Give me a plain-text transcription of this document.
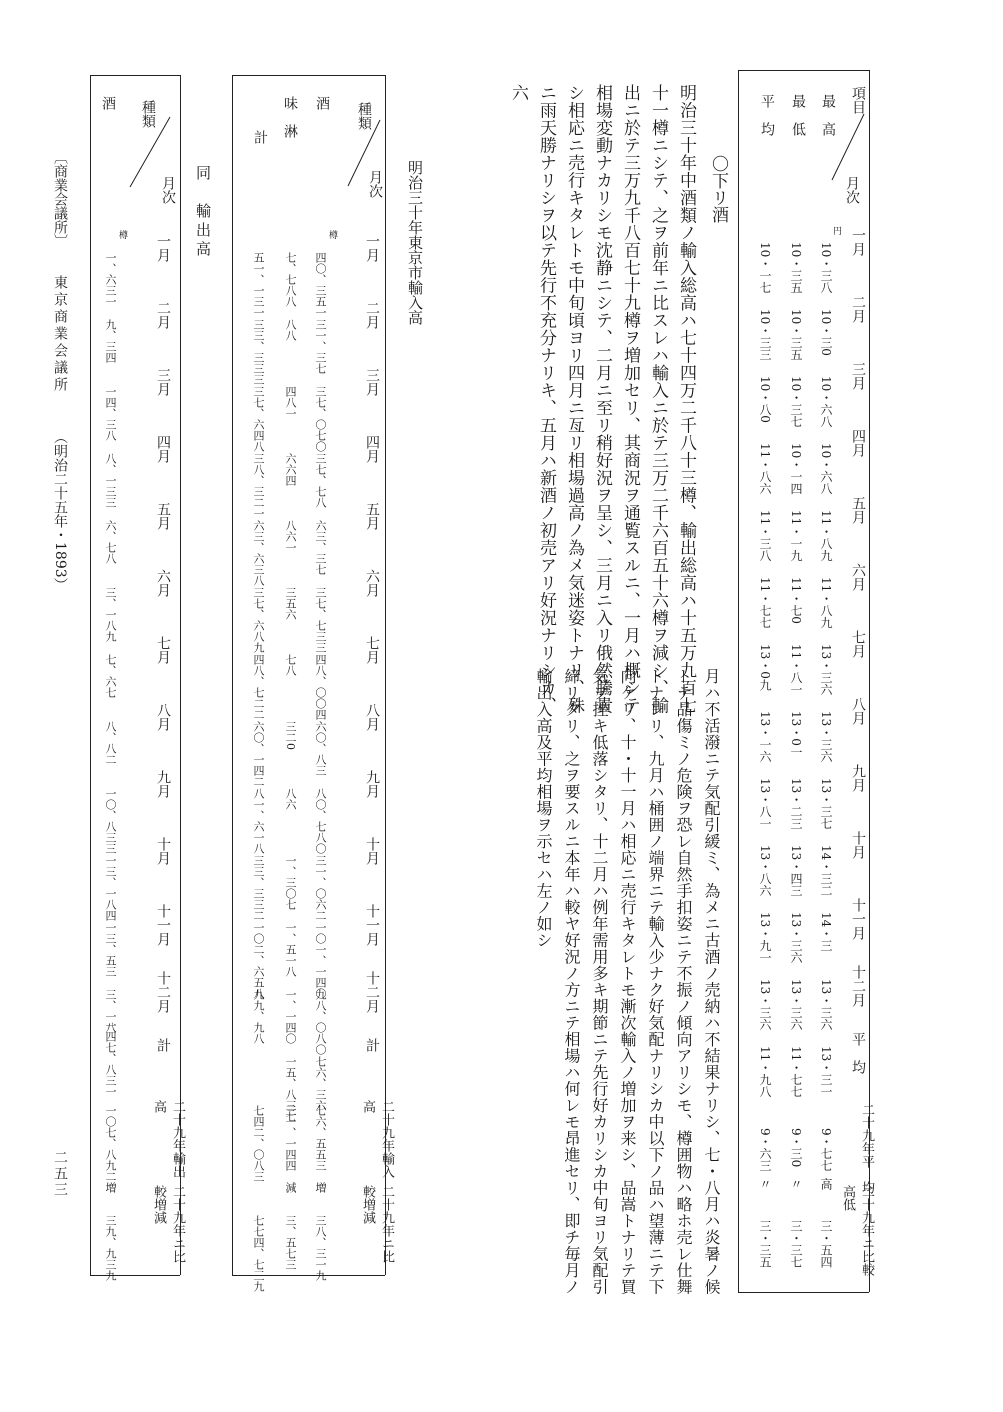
項目
月次
最　高
最　低
平　均
一月
二月
三月
四月
五月
六月
七月
八月
九月
十月
十一月
十二月
平　均
10・三八
10・三0
10・六八
10・六八
11・八九
11・八九
13・三六
13・三六
13・三七
14・三二
14・三
13・三六
13・三一
9・七七
高
三・五四
10・三五
10・三五
10・三七
10・一四
11・一九
11・七0
11・八一
13・0一
13・二三
13・四三
13・三六
13・三六
11・七七
9・三0
〃
三・三七
10・一七
10・三三
10・八0
11・八六
11・三八
11・七七
13・0九
13・一六
13・八一
13・八六
13・九一
13・三六
11・九八
9・六三
〃
三・三五
円
二十九年平　均
二十九年ニ比較高低
〇下リ酒
明治三十年中酒類ノ輸入総高ハ七十四万二千八十三樽、輸出総高ハ十五万九百七十一樽ニシテ、之ヲ前年ニ比スレハ輸入ニ於テ三万二千六百五十六樽ヲ減シ、輸出ニ於テ三万九千八百七十九樽ヲ増加セリ、其商況ヲ通覧スルニ、一月ハ概シテ相場変動ナカリシモ沈静ニシテ、二月ニ至リ稍好況ヲ呈シ、三月ニ入リ俄然騰貴シ相応ニ売行キタレトモ中旬頃ヨリ四月ニ亙リ相場過高ノ為メ気迷姿トナリ、殊ニ雨天勝ナリシヲ以テ先行不充分ナリキ、五月ハ新酒ノ初売アリ好況ナリシカ、六
月ハ不活潑ニテ気配引緩ミ、為メニ古酒ノ売納ハ不結果ナリシ、七・八月ハ炎暑ノ候トテ品傷ミノ危険ヲ恐レ自然手扣姿ニテ不振ノ傾向アリシモ、樽囲物ハ略ホ売レ仕舞トナレリ、九月ハ桶囲ノ端界ニテ輸入少ナク好気配ナリシカ中以下ノ品ハ望薄ニテ下向ケリ、十・十一月ハ相応ニ売行キタレトモ漸次輸入ノ増加ヲ来シ、品嵩トナリテ買気ヲ挫キ低落シタリ、十二月ハ例年需用多キ期節ニテ先行好カリシカ中旬ヨリ気配引締リタリ、之ヲ要スルニ本年ハ較ヤ好況ノ方ニテ相場ハ何レモ昂進セリ、即チ毎月ノ輸出入高及平均相場ヲ示セハ左ノ如シ
明治三十年東京市輸入高
種類
月次
酒
味　淋
計
一月
二月
三月
四月
五月
六月
七月
八月
九月
十月
十一月
十二月
計
四〇、三五一
三一、三七
三七、〇七〇
三七、七八
六三、三七
三七、七三三
四八、〇〇四
六〇、八三
八〇、七八〇
三一、〇六二
一〇一、一四〇
九八、〇八〇
七六、三六
七六、五五三
増
三八、三一九
七、七八八
八八
四八一
六六四
八六一
三五六
七八
三二0
八六
一、三〇七
一、五一八
一、一四〇
一五、八三七
三一、一四四
減
三、五七三
五一、一三一
三三、三三三
三七、六四八
三八、三二一
六三、六三八
三七、六八九
四八、七二二
六〇、一四二
八一、六一八
三三、三三二
一〇二、六五八
九九、九八
七四二、〇八三
七七四、七三九
樽
二十九年輸入高
二十九年ニ比較増減
同　輸出高
種類
月次
酒
一月
二月
三月
四月
五月
六月
七月
八月
九月
十月
十一月
十二月
計
一、六三一
九、三四
一四、三八
八、一三三
六、七八
三、一八九
七、六七
八、八二
一〇、八三三
一三、一八四
一三、五三
三、一八
一四七、八三一
一〇七、八九二
増
三九、九三九
樽
二十九年輸出高
二十九年ニ比較増減
〔商業会議所〕
東京商業会議所
（明治二十五年・1893）
二五三
